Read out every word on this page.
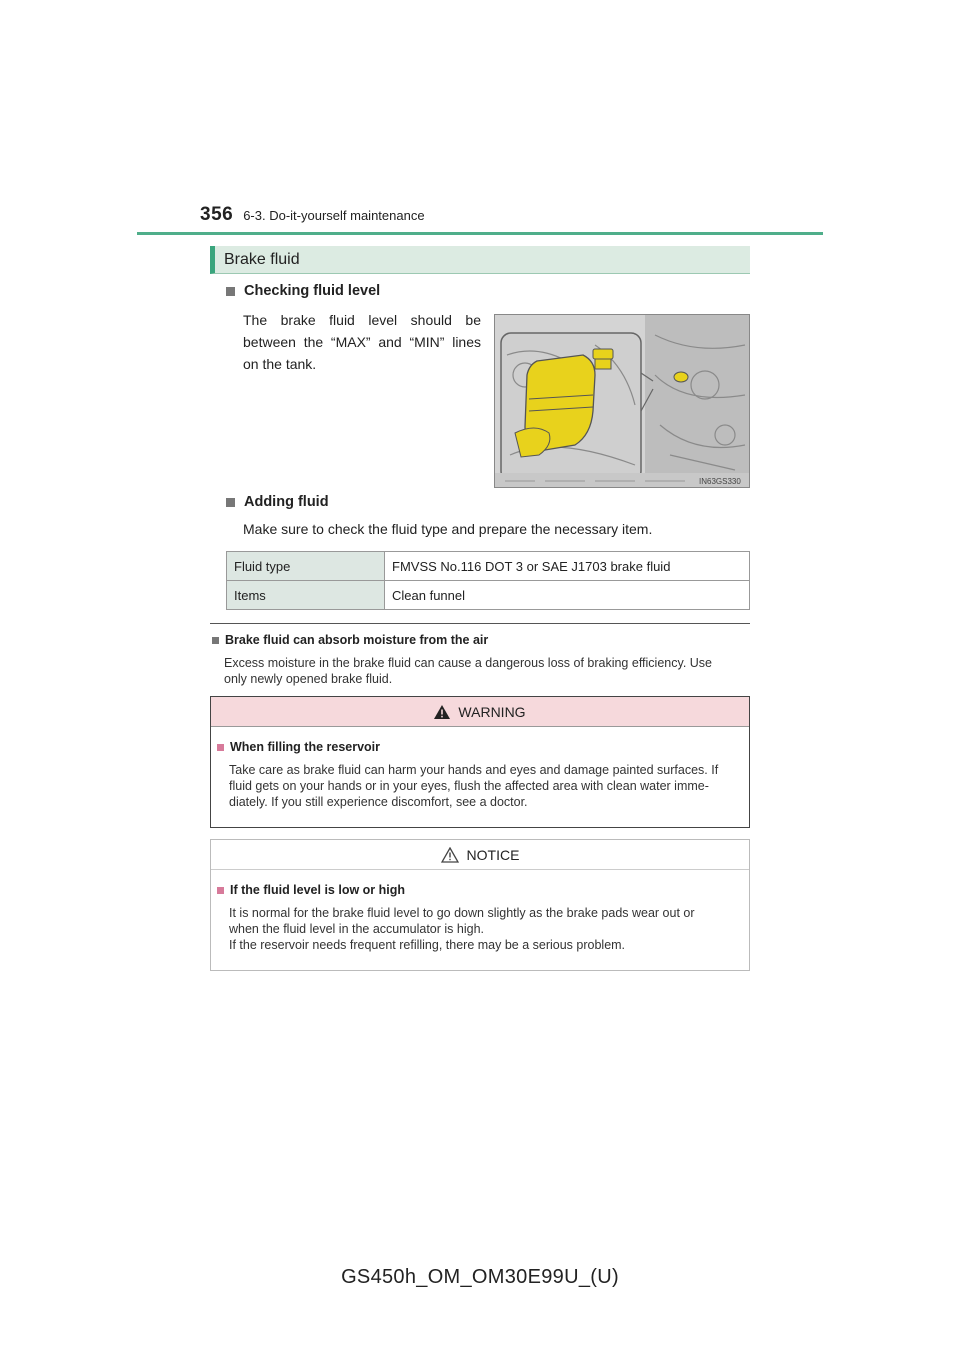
356 6-3. Do-it-yourself maintenance
Brake fluid
Checking fluid level
The brake fluid level should be
between the “MAX” and “MIN” lines
on the tank.
IN63GS330
Adding fluid
Make sure to check the fluid type and prepare the necessary item.
Fluid type	FMVSS No.116 DOT 3 or SAE J1703 brake fluid
Items	Clean funnel
Brake fluid can absorb moisture from the air
Excess moisture in the brake fluid can cause a dangerous loss of braking efficiency. Use
only newly opened brake fluid.
WARNING
When filling the reservoir
Take care as brake fluid can harm your hands and eyes and damage painted surfaces. If
fluid gets on your hands or in your eyes, flush the affected area with clean water imme-
diately. If you still experience discomfort, see a doctor.
NOTICE
If the fluid level is low or high
It is normal for the brake fluid level to go down slightly as the brake pads wear out or
when the fluid level in the accumulator is high.
If the reservoir needs frequent refilling, there may be a serious problem.
GS450h_OM_OM30E99U_(U)
